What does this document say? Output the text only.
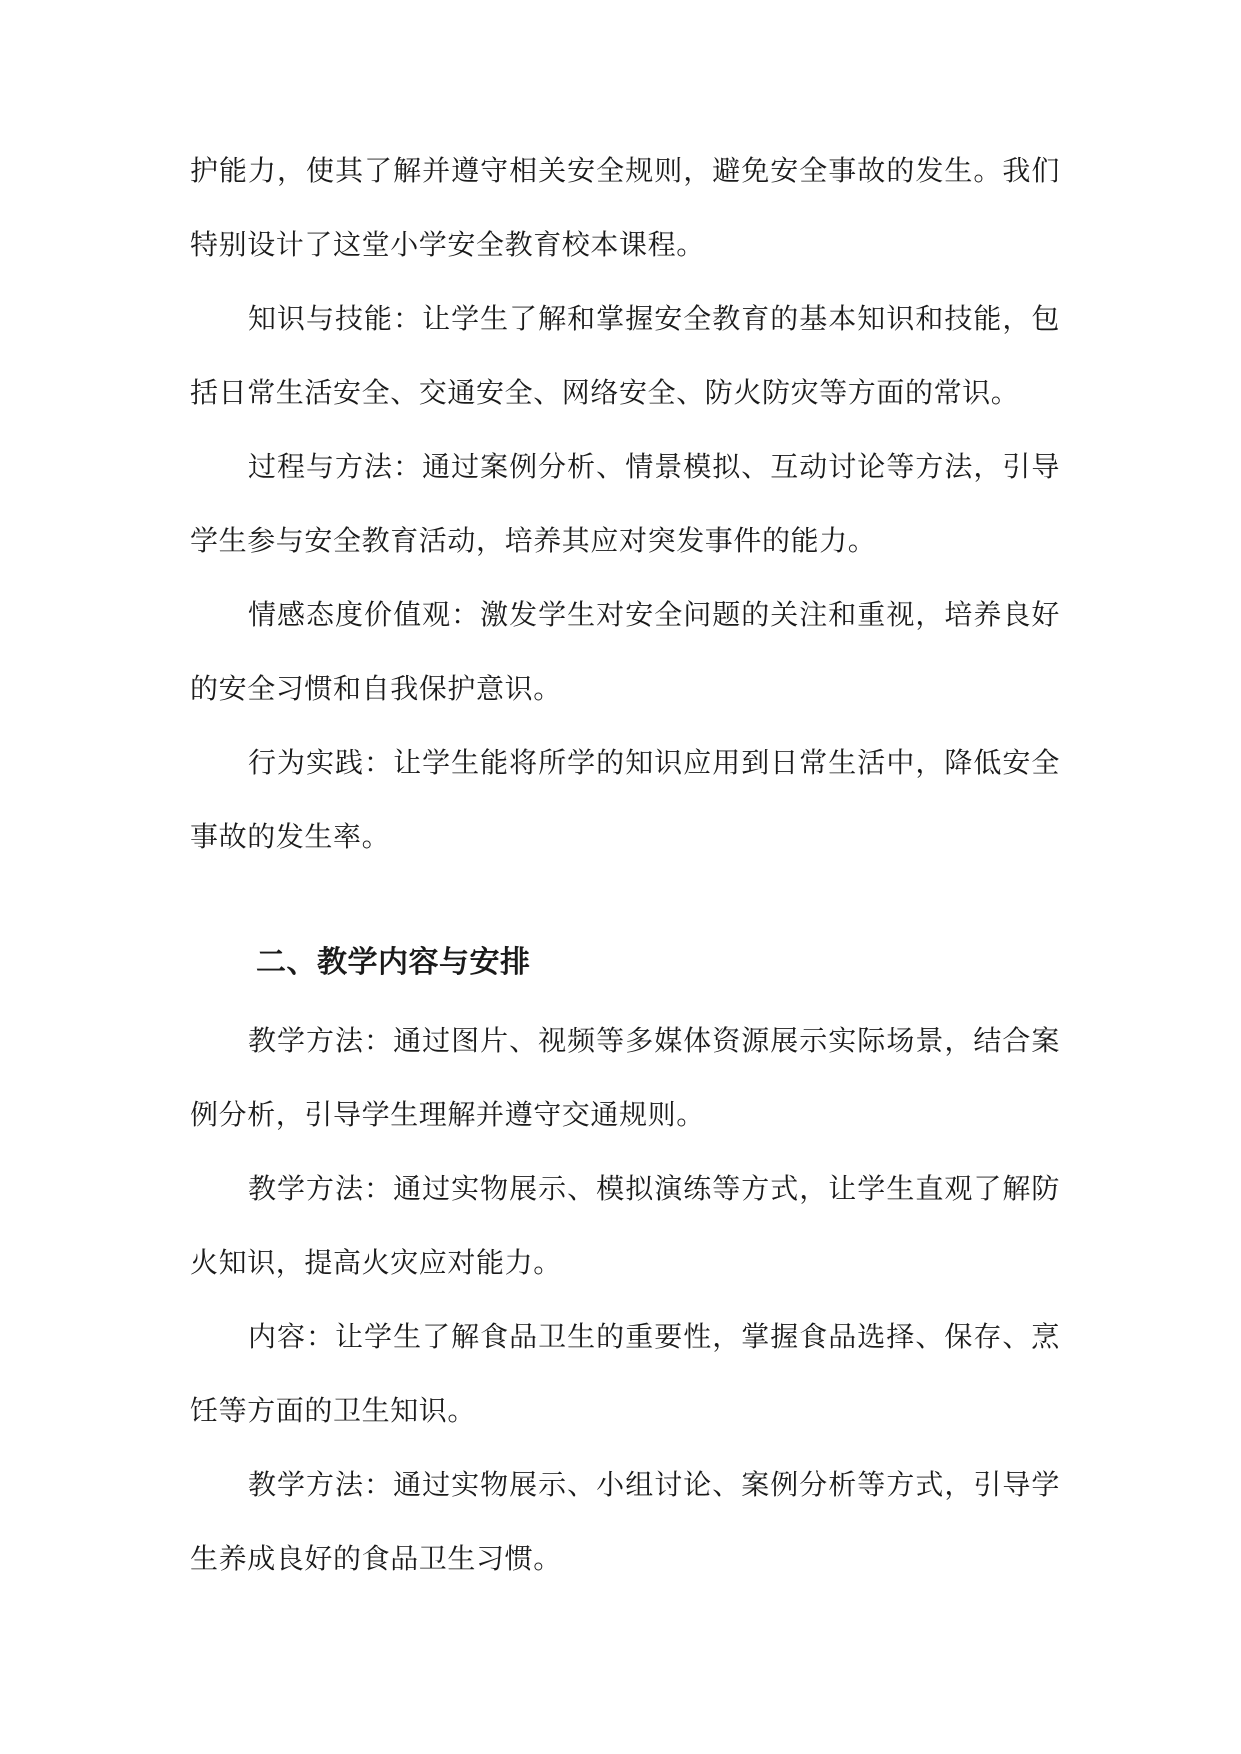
护能力，使其了解并遵守相关安全规则，避免安全事故的发生。我们特别设计了这堂小学安全教育校本课程。

知识与技能：让学生了解和掌握安全教育的基本知识和技能，包括日常生活安全、交通安全、网络安全、防火防灾等方面的常识。

过程与方法：通过案例分析、情景模拟、互动讨论等方法，引导学生参与安全教育活动，培养其应对突发事件的能力。

情感态度价值观：激发学生对安全问题的关注和重视，培养良好的安全习惯和自我保护意识。

行为实践：让学生能将所学的知识应用到日常生活中，降低安全事故的发生率。

二、教学内容与安排

教学方法：通过图片、视频等多媒体资源展示实际场景，结合案例分析，引导学生理解并遵守交通规则。

教学方法：通过实物展示、模拟演练等方式，让学生直观了解防火知识，提高火灾应对能力。

内容：让学生了解食品卫生的重要性，掌握食品选择、保存、烹饪等方面的卫生知识。

教学方法：通过实物展示、小组讨论、案例分析等方式，引导学生养成良好的食品卫生习惯。
